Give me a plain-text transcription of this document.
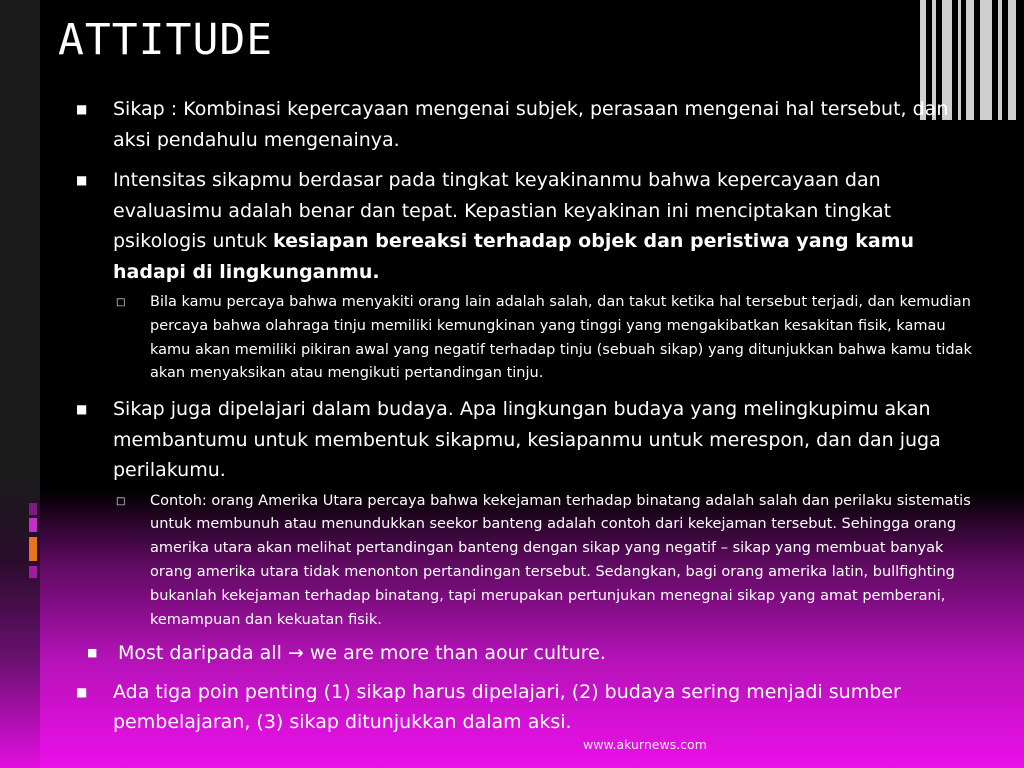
ATTITUDE
■ Sikap : Kombinasi kepercayaan mengenai subjek, perasaan mengenai hal tersebut, dan aksi pendahulu mengenainya.
■ Intensitas sikapmu berdasar pada tingkat keyakinanmu bahwa kepercayaan dan evaluasimu adalah benar dan tepat. Kepastian keyakinan ini menciptakan tingkat psikologis untuk kesiapan bereaksi terhadap objek dan peristiwa yang kamu hadapi di lingkunganmu.
□ Bila kamu percaya bahwa menyakiti orang lain adalah salah, dan takut ketika hal tersebut terjadi, dan kemudian percaya bahwa olahraga tinju memiliki kemungkinan yang tinggi yang mengakibatkan kesakitan fisik, kamau kamu akan memiliki pikiran awal yang negatif terhadap tinju (sebuah sikap) yang ditunjukkan bahwa kamu tidak akan menyaksikan atau mengikuti pertandingan tinju.
■ Sikap juga dipelajari dalam budaya. Apa lingkungan budaya yang melingkupimu akan membantumu untuk membentuk sikapmu, kesiapanmu untuk merespon, dan dan juga perilakumu.
□ Contoh: orang Amerika Utara percaya bahwa kekejaman terhadap binatang adalah salah dan perilaku sistematis untuk membunuh atau menundukkan seekor banteng adalah contoh dari kekejaman tersebut. Sehingga orang amerika utara akan melihat pertandingan banteng dengan sikap yang negatif – sikap yang membuat banyak orang amerika utara tidak menonton pertandingan tersebut. Sedangkan, bagi orang amerika latin, bullfighting bukanlah kekejaman terhadap binatang, tapi merupakan pertunjukan menegnai sikap yang amat pemberani, kemampuan dan kekuatan fisik.
■ Most daripada all → we are more than aour culture.
■ Ada tiga poin penting (1) sikap harus dipelajari, (2) budaya sering menjadi sumber pembelajaran, (3) sikap ditunjukkan dalam aksi.
www.akurnews.com
